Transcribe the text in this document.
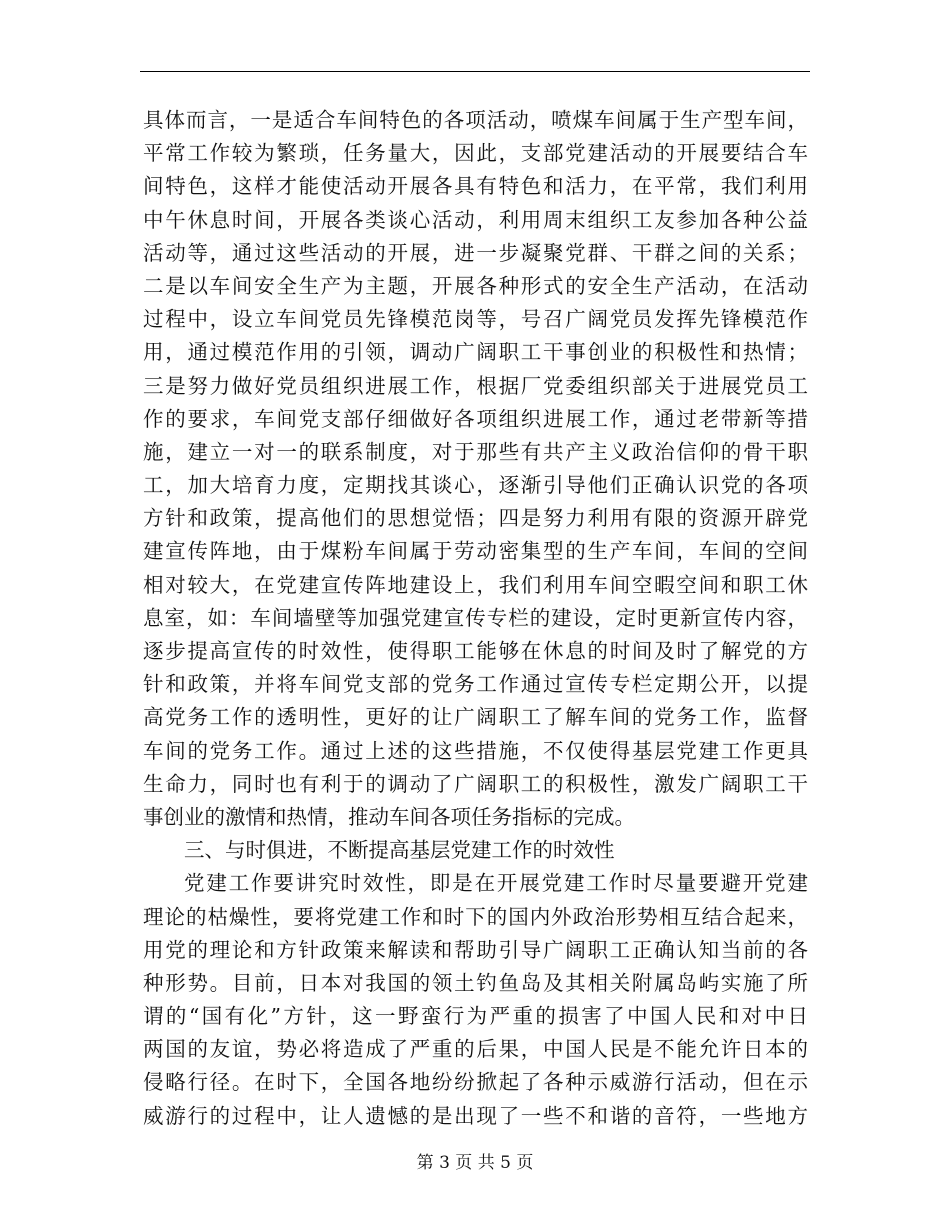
具体而言，一是适合车间特色的各项活动，喷煤车间属于生产型车间，
平常工作较为繁琐，任务量大，因此，支部党建活动的开展要结合车
间特色，这样才能使活动开展各具有特色和活力，在平常，我们利用
中午休息时间，开展各类谈心活动，利用周末组织工友参加各种公益
活动等，通过这些活动的开展，进一步凝聚党群、干群之间的关系；
二是以车间安全生产为主题，开展各种形式的安全生产活动，在活动
过程中，设立车间党员先锋模范岗等，号召广阔党员发挥先锋模范作
用，通过模范作用的引领，调动广阔职工干事创业的积极性和热情；
三是努力做好党员组织进展工作，根据厂党委组织部关于进展党员工
作的要求，车间党支部仔细做好各项组织进展工作，通过老带新等措
施，建立一对一的联系制度，对于那些有共产主义政治信仰的骨干职
工，加大培育力度，定期找其谈心，逐渐引导他们正确认识党的各项
方针和政策，提高他们的思想觉悟；四是努力利用有限的资源开辟党
建宣传阵地，由于煤粉车间属于劳动密集型的生产车间，车间的空间
相对较大，在党建宣传阵地建设上，我们利用车间空暇空间和职工休
息室，如：车间墙壁等加强党建宣传专栏的建设，定时更新宣传内容，
逐步提高宣传的时效性，使得职工能够在休息的时间及时了解党的方
针和政策，并将车间党支部的党务工作通过宣传专栏定期公开，以提
高党务工作的透明性，更好的让广阔职工了解车间的党务工作，监督
车间的党务工作。通过上述的这些措施，不仅使得基层党建工作更具
生命力，同时也有利于的调动了广阔职工的积极性，激发广阔职工干
事创业的激情和热情，推动车间各项任务指标的完成。
三、与时俱进，不断提高基层党建工作的时效性
党建工作要讲究时效性，即是在开展党建工作时尽量要避开党建
理论的枯燥性，要将党建工作和时下的国内外政治形势相互结合起来，
用党的理论和方针政策来解读和帮助引导广阔职工正确认知当前的各
种形势。目前，日本对我国的领土钓鱼岛及其相关附属岛屿实施了所
谓的“国有化”方针，这一野蛮行为严重的损害了中国人民和对中日
两国的友谊，势必将造成了严重的后果，中国人民是不能允许日本的
侵略行径。在时下，全国各地纷纷掀起了各种示威游行活动，但在示
威游行的过程中，让人遗憾的是出现了一些不和谐的音符，一些地方
第 3 页 共 5 页
